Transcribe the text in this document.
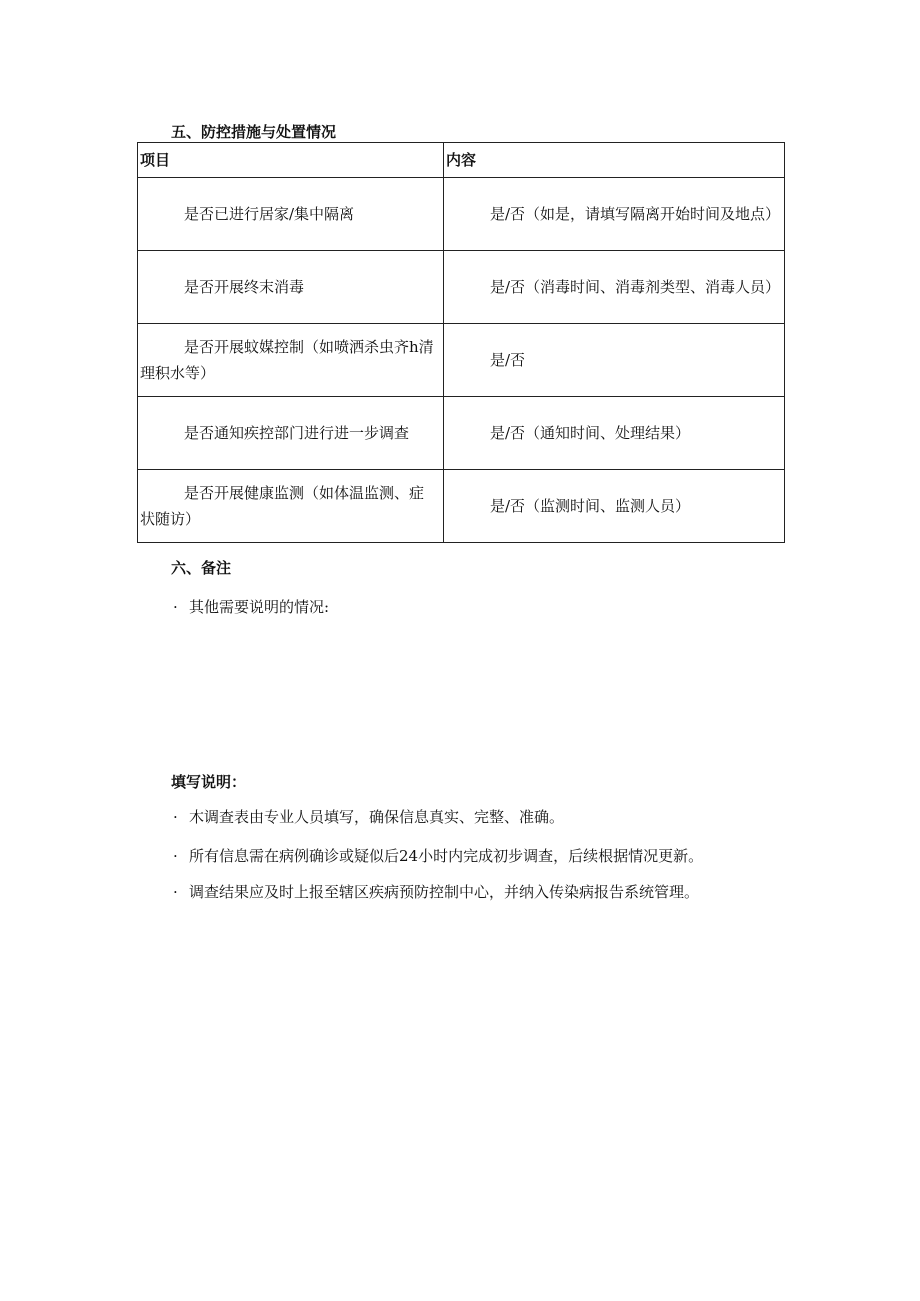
五、防控措施与处置情况
项目	内容
是否已进行居家/集中隔离	是/否（如是，请填写隔离开始时间及地点）
是否开展终末消毒	是/否（消毒时间、消毒剂类型、消毒人员）
是否开展蚊媒控制（如喷洒杀虫齐h清理积水等）	是/否
是否通知疾控部门进行进一步调查	是/否（通知时间、处理结果）
是否开展健康监测（如体温监测、症状随访）	是/否（监测时间、监测人员）
六、备注
· 其他需要说明的情况:
填写说明：
· 木调查表由专业人员填写，确保信息真实、完整、准确。
· 所有信息需在病例确诊或疑似后24小时内完成初步调查，后续根据情况更新。
· 调查结果应及时上报至辖区疾病预防控制中心，并纳入传染病报告系统管理。
